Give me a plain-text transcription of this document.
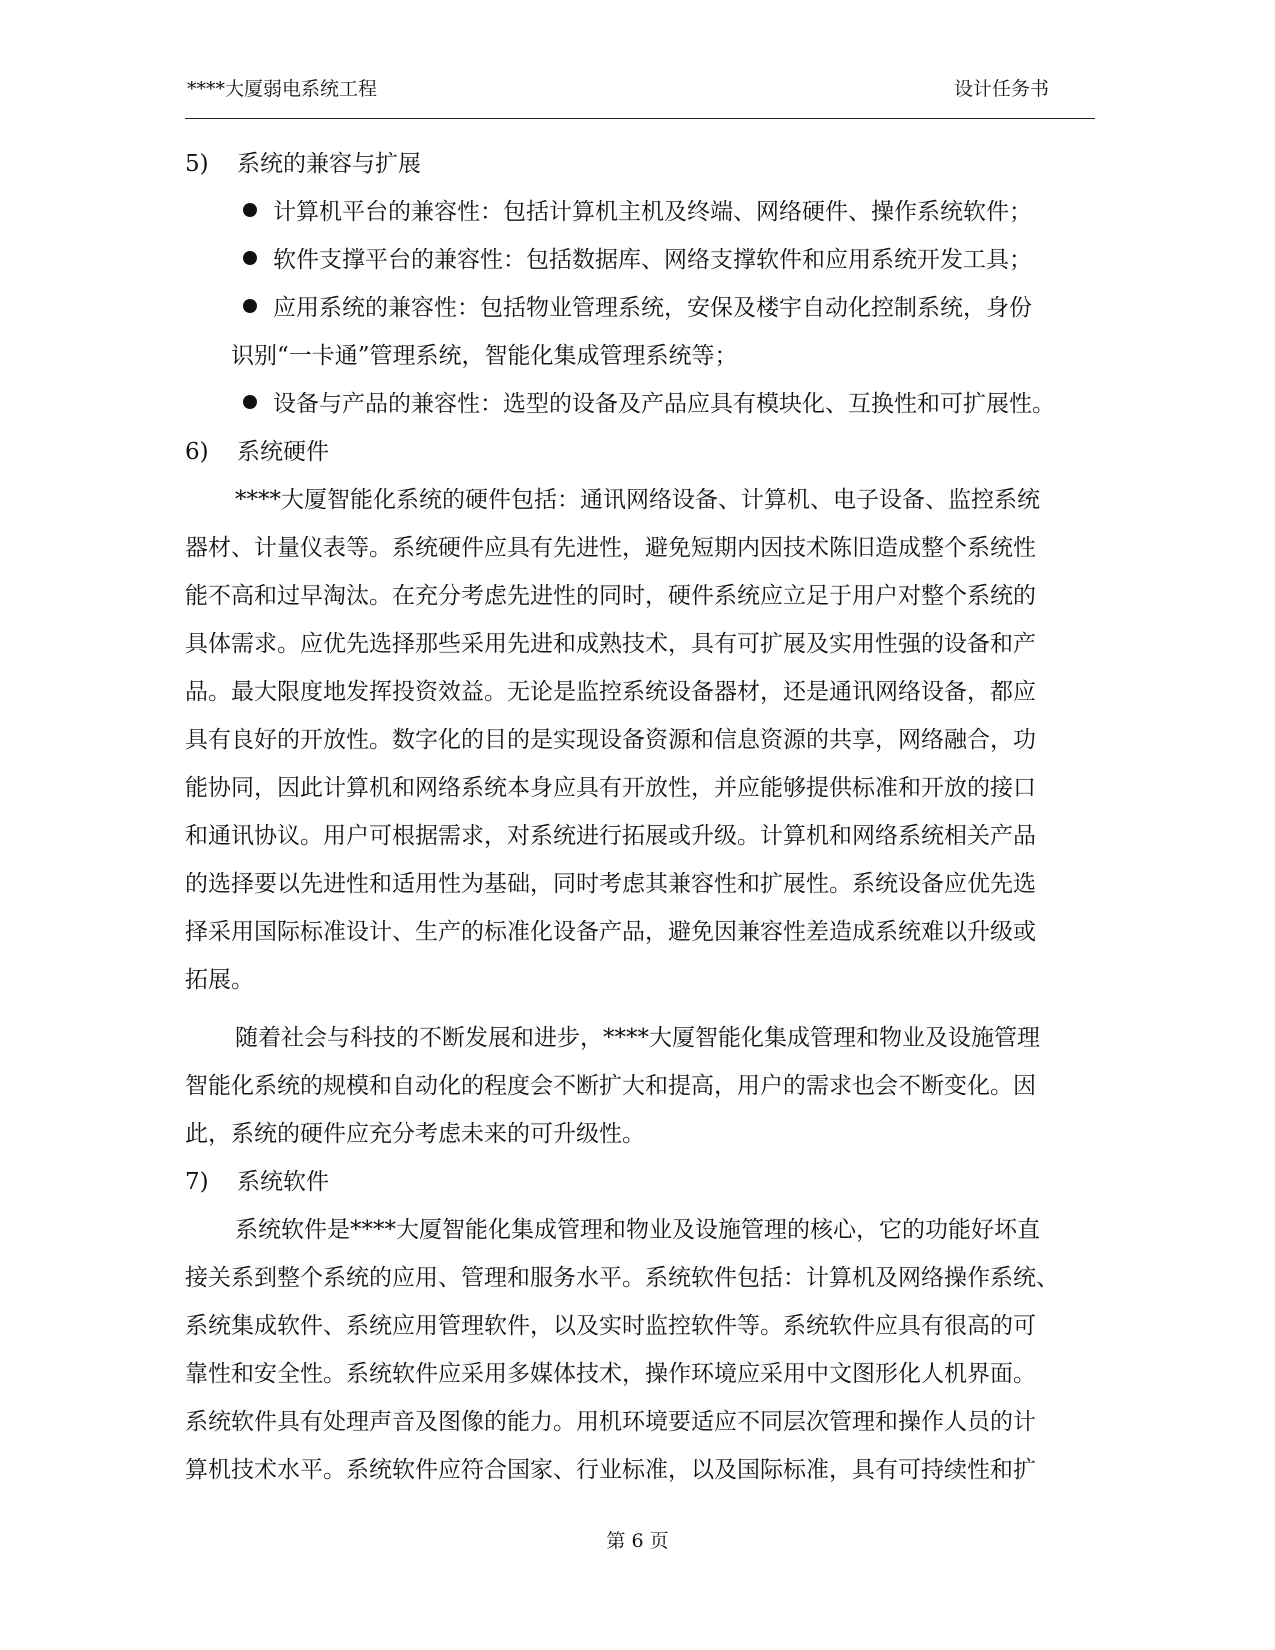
****大厦弱电系统工程	设计任务书
5) 系统的兼容与扩展
计算机平台的兼容性：包括计算机主机及终端、网络硬件、操作系统软件；
软件支撑平台的兼容性：包括数据库、网络支撑软件和应用系统开发工具；
应用系统的兼容性：包括物业管理系统，安保及楼宇自动化控制系统，身份
识别“一卡通”管理系统，智能化集成管理系统等；
设备与产品的兼容性：选型的设备及产品应具有模块化、互换性和可扩展性。
6) 系统硬件
****大厦智能化系统的硬件包括：通讯网络设备、计算机、电子设备、监控系统
器材、计量仪表等。系统硬件应具有先进性，避免短期内因技术陈旧造成整个系统性
能不高和过早淘汰。在充分考虑先进性的同时，硬件系统应立足于用户对整个系统的
具体需求。应优先选择那些采用先进和成熟技术，具有可扩展及实用性强的设备和产
品。最大限度地发挥投资效益。无论是监控系统设备器材，还是通讯网络设备，都应
具有良好的开放性。数字化的目的是实现设备资源和信息资源的共享，网络融合，功
能协同，因此计算机和网络系统本身应具有开放性，并应能够提供标准和开放的接口
和通讯协议。用户可根据需求，对系统进行拓展或升级。计算机和网络系统相关产品
的选择要以先进性和适用性为基础，同时考虑其兼容性和扩展性。系统设备应优先选
择采用国际标准设计、生产的标准化设备产品，避免因兼容性差造成系统难以升级或
拓展。
随着社会与科技的不断发展和进步，****大厦智能化集成管理和物业及设施管理
智能化系统的规模和自动化的程度会不断扩大和提高，用户的需求也会不断变化。因
此，系统的硬件应充分考虑未来的可升级性。
7) 系统软件
系统软件是****大厦智能化集成管理和物业及设施管理的核心，它的功能好坏直
接关系到整个系统的应用、管理和服务水平。系统软件包括：计算机及网络操作系统、
系统集成软件、系统应用管理软件，以及实时监控软件等。系统软件应具有很高的可
靠性和安全性。系统软件应采用多媒体技术，操作环境应采用中文图形化人机界面。
系统软件具有处理声音及图像的能力。用机环境要适应不同层次管理和操作人员的计
算机技术水平。系统软件应符合国家、行业标准，以及国际标准，具有可持续性和扩
第 6 页
